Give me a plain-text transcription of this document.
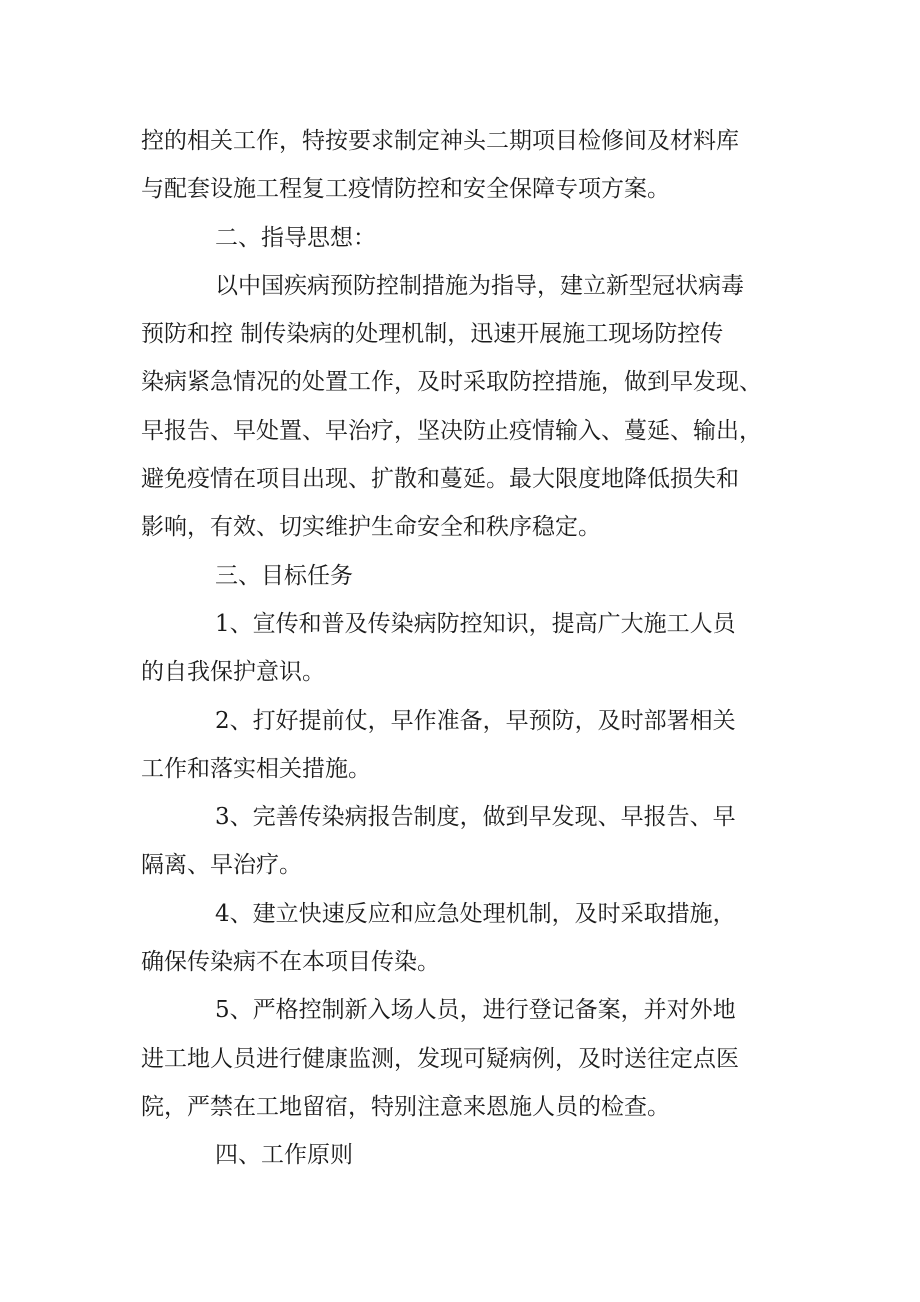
控的相关工作，特按要求制定神头二期项目检修间及材料库
与配套设施工程复工疫情防控和安全保障专项方案。
二、指导思想：
以中国疾病预防控制措施为指导，建立新型冠状病毒
预防和控 制传染病的处理机制，迅速开展施工现场防控传
染病紧急情况的处置工作，及时采取防控措施，做到早发现、
早报告、早处置、早治疗，坚决防止疫情输入、蔓延、输出，
避免疫情在项目出现、扩散和蔓延。最大限度地降低损失和
影响，有效、切实维护生命安全和秩序稳定。
三、目标任务
1、宣传和普及传染病防控知识，提高广大施工人员
的自我保护意识。
2、打好提前仗，早作准备，早预防，及时部署相关
工作和落实相关措施。
3、完善传染病报告制度，做到早发现、早报告、早
隔离、早治疗。
4、建立快速反应和应急处理机制，及时采取措施，
确保传染病不在本项目传染。
5、严格控制新入场人员，进行登记备案，并对外地
进工地人员进行健康监测，发现可疑病例，及时送往定点医
院，严禁在工地留宿，特别注意来恩施人员的检查。
四、工作原则
